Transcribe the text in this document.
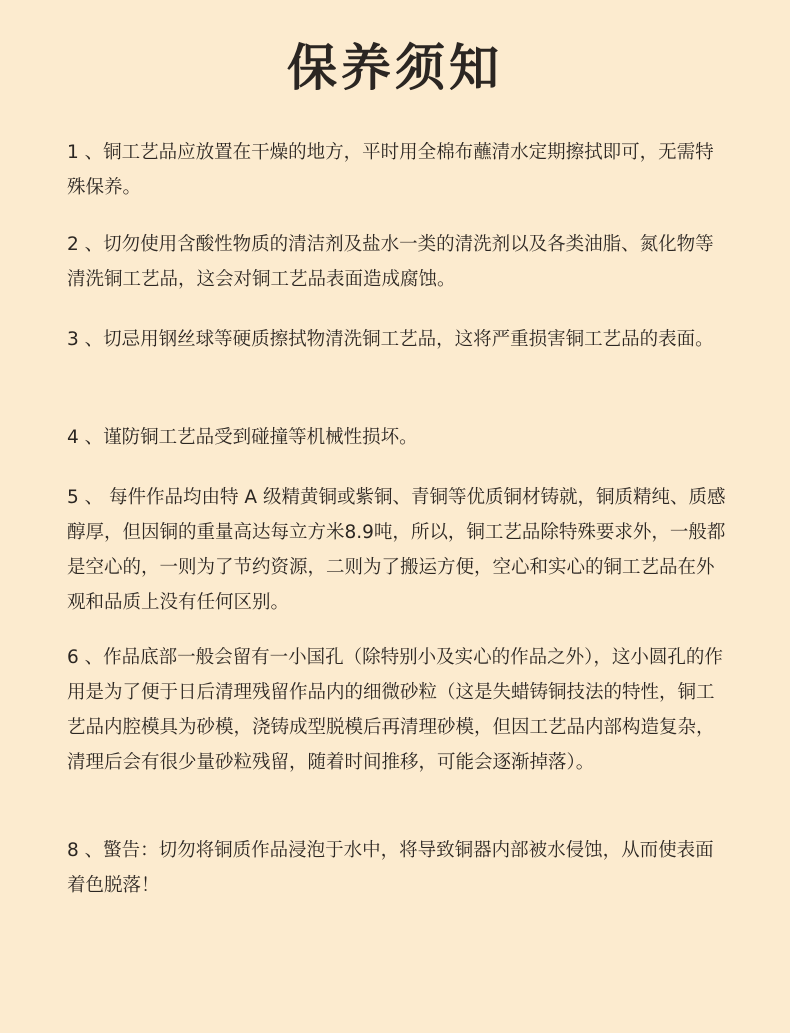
保养须知

1 、铜工艺品应放置在干燥的地方，平时用全棉布蘸清水定期擦拭即可，无需特殊保养。

2 、切勿使用含酸性物质的清洁剂及盐水一类的清洗剂以及各类油脂、氮化物等清洗铜工艺品，这会对铜工艺品表面造成腐蚀。

3 、切忌用钢丝球等硬质擦拭物清洗铜工艺品，这将严重损害铜工艺品的表面。

4 、谨防铜工艺品受到碰撞等机械性损坏。

5 、 每件作品均由特 A 级精黄铜或紫铜、青铜等优质铜材铸就，铜质精纯、质感醇厚，但因铜的重量高达每立方米8.9吨，所以，铜工艺品除特殊要求外，一般都是空心的，一则为了节约资源，二则为了搬运方便，空心和实心的铜工艺品在外观和品质上没有任何区别。

6 、作品底部一般会留有一小国孔（除特别小及实心的作品之外），这小圆孔的作用是为了便于日后清理残留作品内的细微砂粒（这是失蜡铸铜技法的特性，铜工艺品内腔模具为砂模，浇铸成型脱模后再清理砂模，但因工艺品内部构造复杂，清理后会有很少量砂粒残留，随着时间推移，可能会逐渐掉落）。

8 、蟼告：切勿将铜质作品浸泡于水中，将导致铜器内部被水侵蚀，从而使表面着色脱落！
